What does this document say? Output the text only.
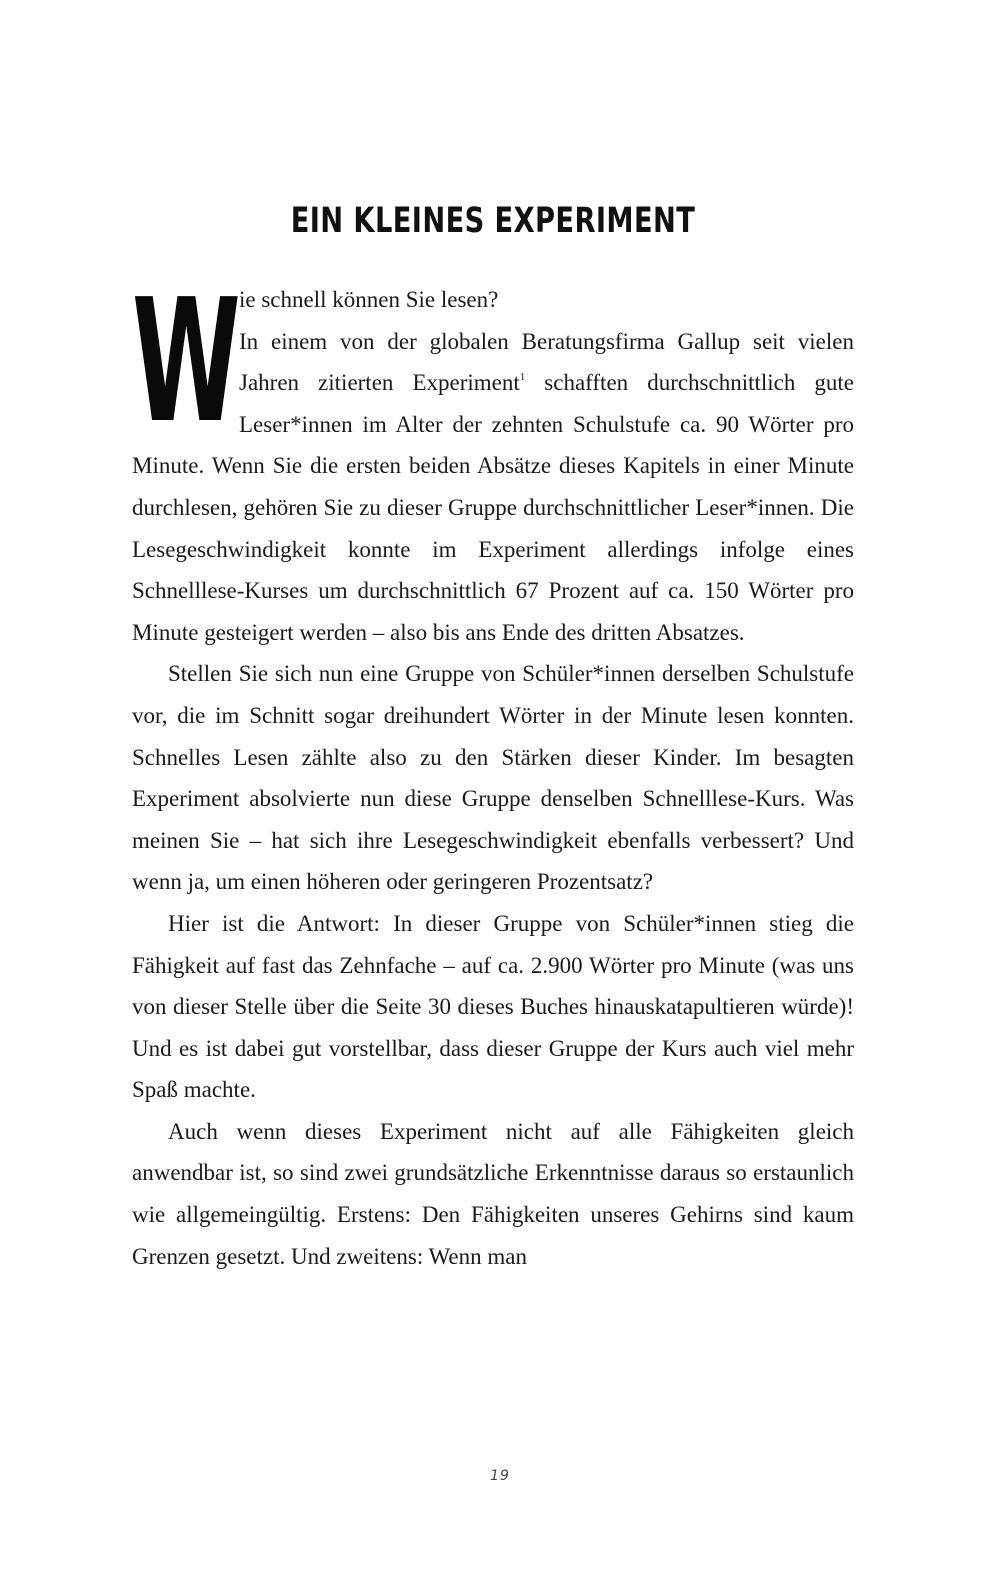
EIN KLEINES EXPERIMENT
W

ie schnell können Sie lesen?
In einem von der globalen Beratungsfirma Gallup seit vielen Jahren zitierten Experiment$^1$ schafften durchschnittlich gute Leser*innen im Alter der zehnten Schulstufe ca. 90 Wörter pro Minute. Wenn Sie die ersten beiden Absätze dieses Kapitels in einer Minute durchlesen, gehören Sie zu dieser Gruppe durchschnittlicher Leser*innen. Die Lesegeschwindigkeit konnte im Experiment allerdings infolge eines Schnelllese-Kurses um durchschnittlich 67 Prozent auf ca. 150 Wörter pro Minute gesteigert werden – also bis ans Ende des dritten Absatzes.

Stellen Sie sich nun eine Gruppe von Schüler*innen derselben Schulstufe vor, die im Schnitt sogar dreihundert Wörter in der Minute lesen konnten. Schnelles Lesen zählte also zu den Stärken dieser Kinder. Im besagten Experiment absolvierte nun diese Gruppe denselben Schnelllese-Kurs. Was meinen Sie – hat sich ihre Lesegeschwindigkeit ebenfalls verbessert? Und wenn ja, um einen höheren oder geringeren Prozentsatz?

Hier ist die Antwort: In dieser Gruppe von Schüler*innen stieg die Fähigkeit auf fast das Zehnfache – auf ca. 2.900 Wörter pro Minute (was uns von dieser Stelle über die Seite 30 dieses Buches hinauskatapultieren würde)! Und es ist dabei gut vorstellbar, dass dieser Gruppe der Kurs auch viel mehr Spaß machte.

Auch wenn dieses Experiment nicht auf alle Fähigkeiten gleich anwendbar ist, so sind zwei grundsätzliche Erkenntnisse daraus so erstaunlich wie allgemeingültig. Erstens: Den Fähigkeiten unseres Gehirns sind kaum Grenzen gesetzt. Und zweitens: Wenn man

19
